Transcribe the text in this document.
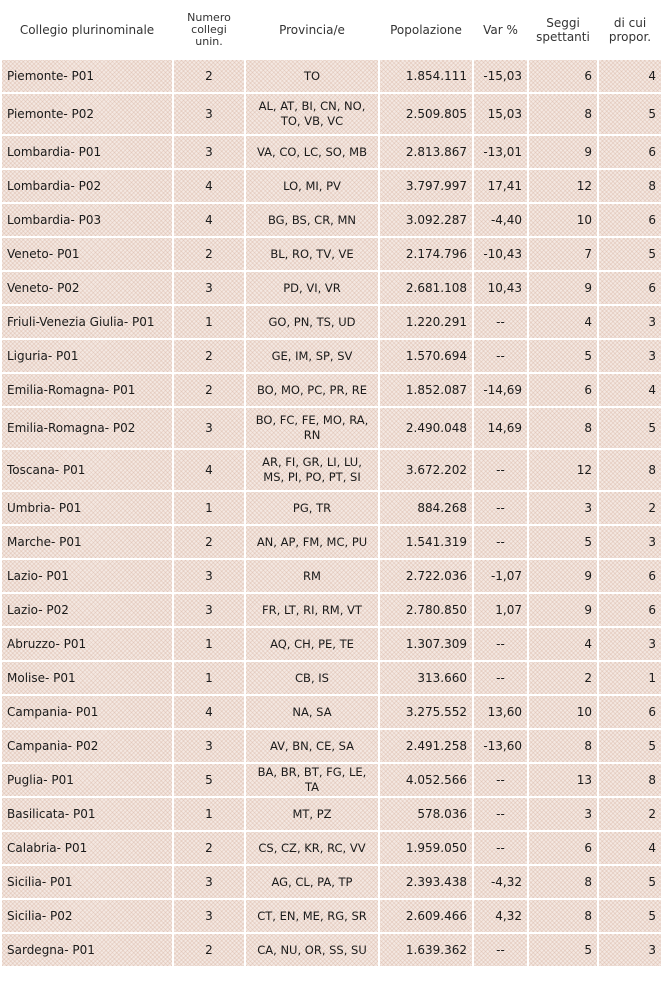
Collegio plurinominale	Numero collegi unin.	Provincia/e	Popolazione	Var %	Seggi spettanti	di cui propor.
Piemonte- P01	2	TO	1.854.111	-15,03	6	4
Piemonte- P02	3	AL, AT, BI, CN, NO, TO, VB, VC	2.509.805	15,03	8	5
Lombardia- P01	3	VA, CO, LC, SO, MB	2.813.867	-13,01	9	6
Lombardia- P02	4	LO, MI, PV	3.797.997	17,41	12	8
Lombardia- P03	4	BG, BS, CR, MN	3.092.287	-4,40	10	6
Veneto- P01	2	BL, RO, TV, VE	2.174.796	-10,43	7	5
Veneto- P02	3	PD, VI, VR	2.681.108	10,43	9	6
Friuli-Venezia Giulia- P01	1	GO, PN, TS, UD	1.220.291	--	4	3
Liguria- P01	2	GE, IM, SP, SV	1.570.694	--	5	3
Emilia-Romagna- P01	2	BO, MO, PC, PR, RE	1.852.087	-14,69	6	4
Emilia-Romagna- P02	3	BO, FC, FE, MO, RA, RN	2.490.048	14,69	8	5
Toscana- P01	4	AR, FI, GR, LI, LU, MS, PI, PO, PT, SI	3.672.202	--	12	8
Umbria- P01	1	PG, TR	884.268	--	3	2
Marche- P01	2	AN, AP, FM, MC, PU	1.541.319	--	5	3
Lazio- P01	3	RM	2.722.036	-1,07	9	6
Lazio- P02	3	FR, LT, RI, RM, VT	2.780.850	1,07	9	6
Abruzzo- P01	1	AQ, CH, PE, TE	1.307.309	--	4	3
Molise- P01	1	CB, IS	313.660	--	2	1
Campania- P01	4	NA, SA	3.275.552	13,60	10	6
Campania- P02	3	AV, BN, CE, SA	2.491.258	-13,60	8	5
Puglia- P01	5	BA, BR, BT, FG, LE, TA	4.052.566	--	13	8
Basilicata- P01	1	MT, PZ	578.036	--	3	2
Calabria- P01	2	CS, CZ, KR, RC, VV	1.959.050	--	6	4
Sicilia- P01	3	AG, CL, PA, TP	2.393.438	-4,32	8	5
Sicilia- P02	3	CT, EN, ME, RG, SR	2.609.466	4,32	8	5
Sardegna- P01	2	CA, NU, OR, SS, SU	1.639.362	--	5	3
